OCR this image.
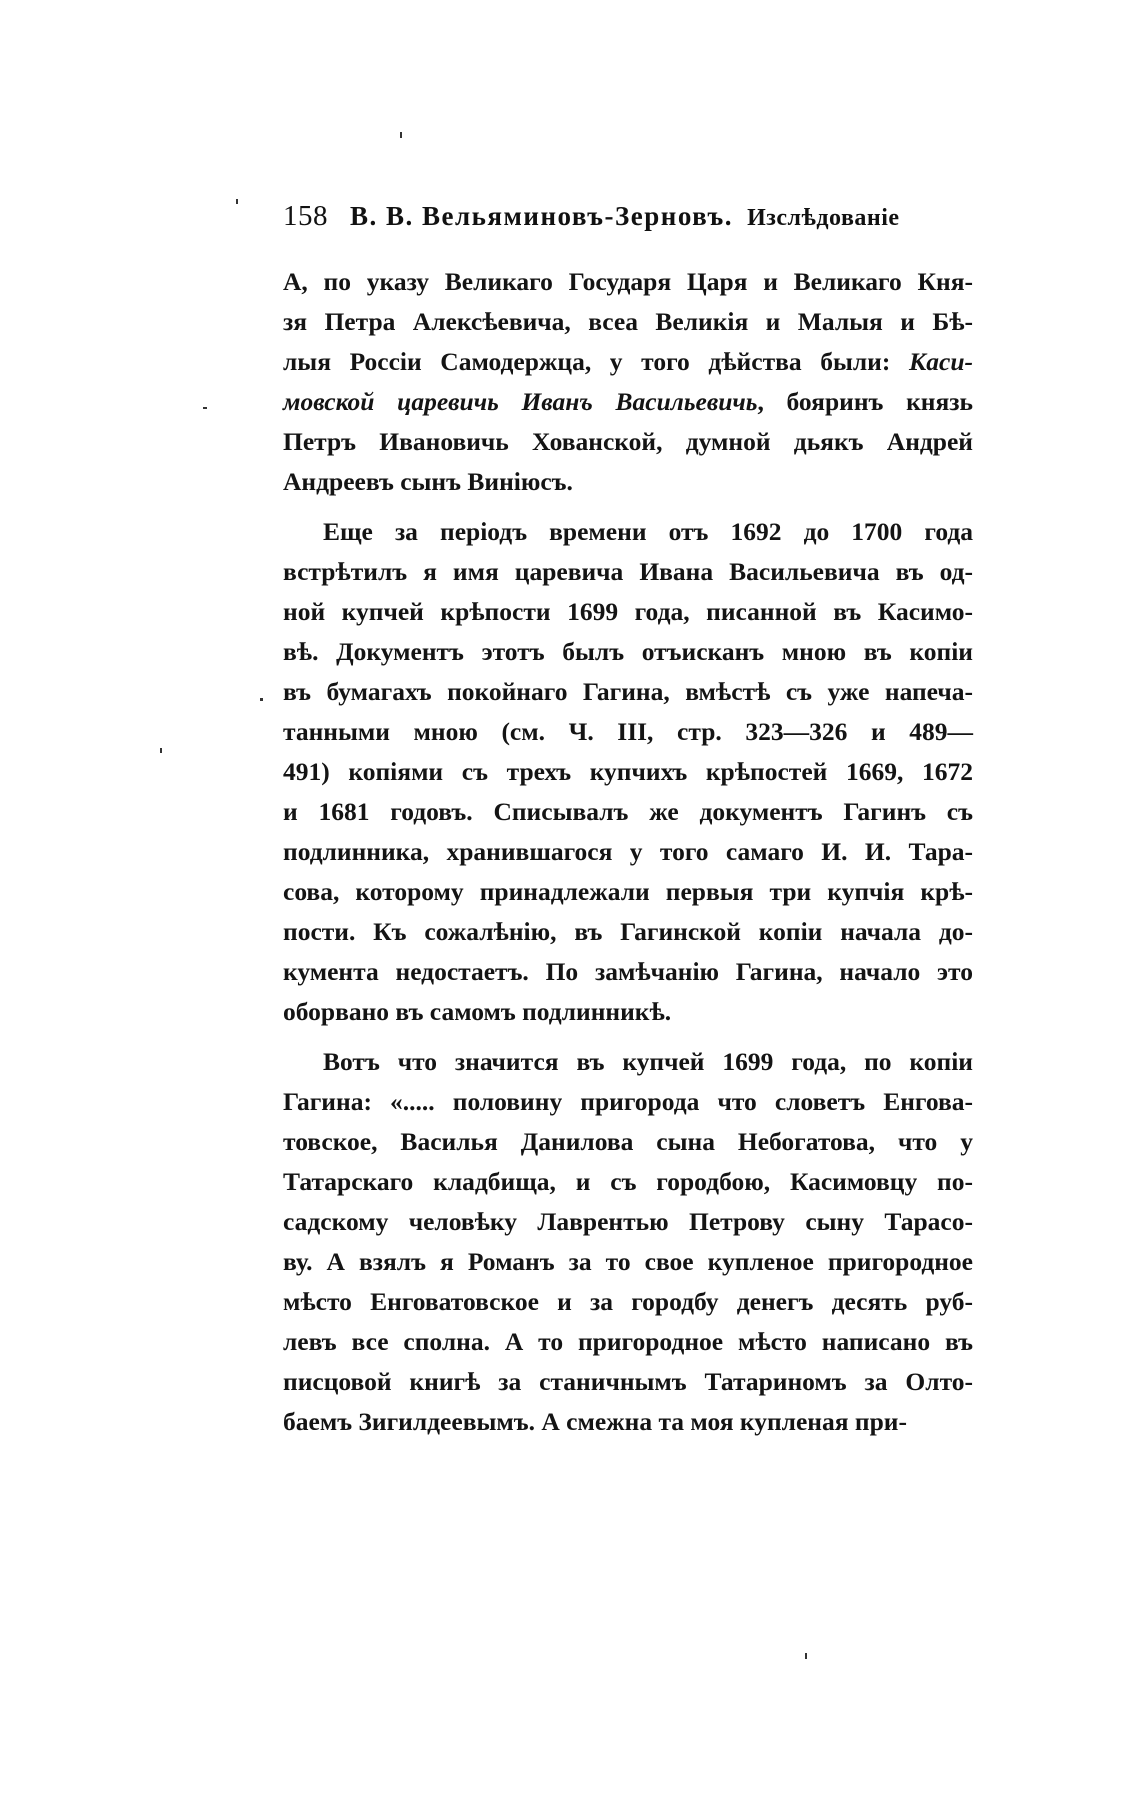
158 В. В. Вельяминовъ-Зерновъ. Изслѣдованіе
А, по указу Великаго Государя Царя и Великаго Кня-
зя Петра Алексѣевича, всеа Великія и Малыя и Бѣ-
лыя Россіи Самодержца, у того дѣйства были: Каси-
мовской царевичь Иванъ Васильевичь, бояринъ князь
Петръ Ивановичь Хованской, думной дьякъ Андрей
Андреевъ сынъ Виніюсъ.
Еще за періодъ времени отъ 1692 до 1700 года
встрѣтилъ я имя царевича Ивана Васильевича въ од-
ной купчей крѣпости 1699 года, писанной въ Касимо-
вѣ. Документъ этотъ былъ отъисканъ мною въ копіи
въ бумагахъ покойнаго Гагина, вмѣстѣ съ уже напеча-
танными мною (см. Ч. III, стр. 323—326 и 489—
491) копіями съ трехъ купчихъ крѣпостей 1669, 1672
и 1681 годовъ. Списывалъ же документъ Гагинъ съ
подлинника, хранившагося у того самаго И. И. Тара-
сова, которому принадлежали первыя три купчія крѣ-
пости. Къ сожалѣнію, въ Гагинской копіи начала до-
кумента недостаетъ. По замѣчанію Гагина, начало это
оборвано въ самомъ подлинникѣ.
Вотъ что значится въ купчей 1699 года, по копіи
Гагина: «..... половину пригорода что словетъ Енгова-
товское, Василья Данилова сына Небогатова, что у
Татарскаго кладбища, и съ городбою, Касимовцу по-
садскому человѣку Лаврентью Петрову сыну Тарасо-
ву. А взялъ я Романъ за то свое купленое пригородное
мѣсто Енговатовское и за городбу денегъ десять руб-
левъ все сполна. А то пригородное мѣсто написано въ
писцовой книгѣ за станичнымъ Татариномъ за Олто-
баемъ Зигилдеевымъ. А смежна та моя купленая при-
